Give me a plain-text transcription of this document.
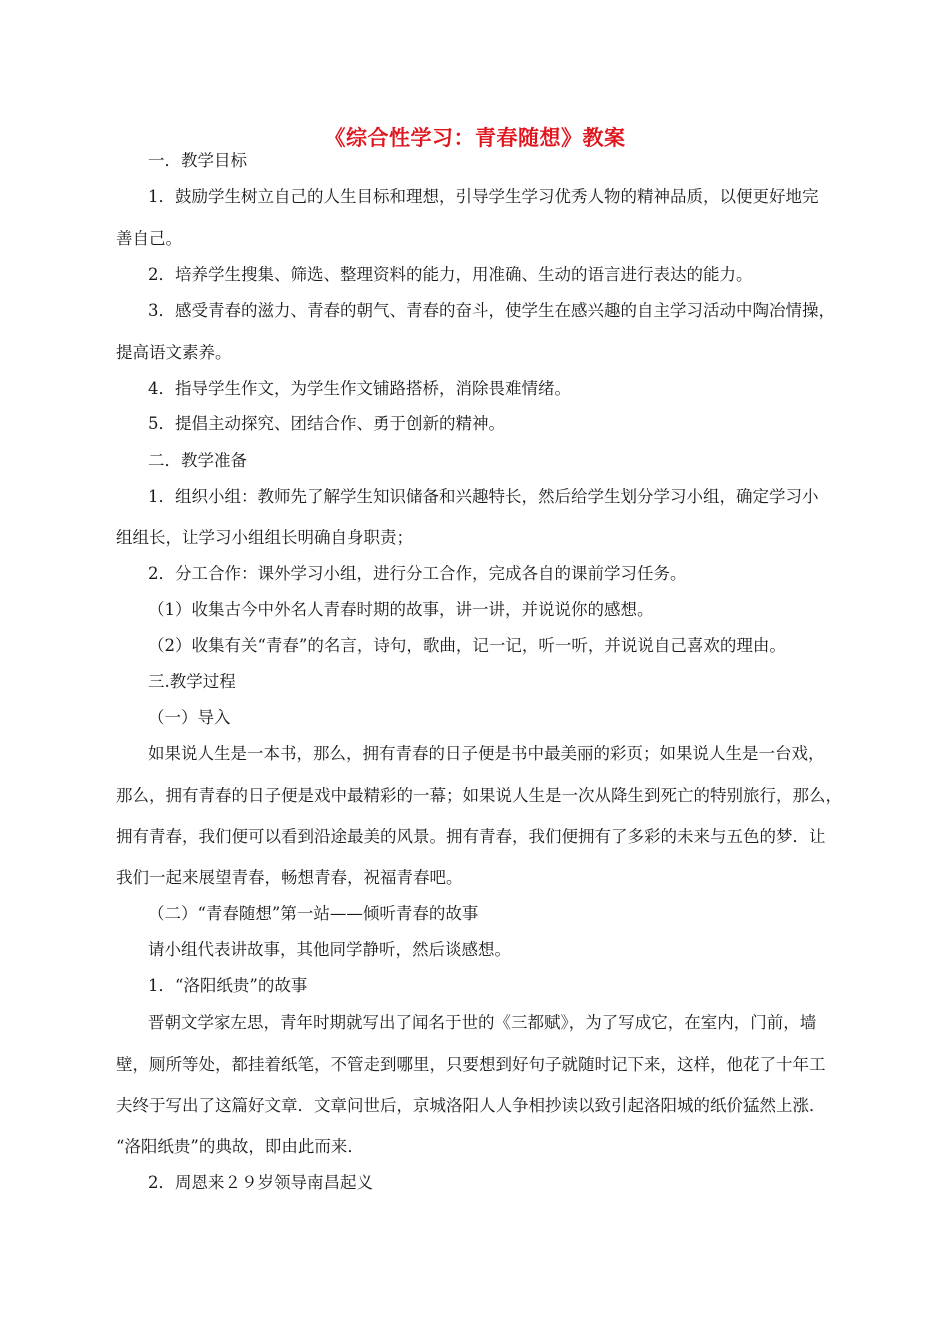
《综合性学习：青春随想》教案
一．教学目标
1．鼓励学生树立自己的人生目标和理想，引导学生学习优秀人物的精神品质，以便更好地完
善自己。
2．培养学生搜集、筛选、整理资料的能力，用准确、生动的语言进行表达的能力。
3．感受青春的滋力、青春的朝气、青春的奋斗，使学生在感兴趣的自主学习活动中陶冶情操，
提高语文素养。
4．指导学生作文，为学生作文铺路搭桥，消除畏难情绪。
5．提倡主动探究、团结合作、勇于创新的精神。
二．教学准备
1．组织小组：教师先了解学生知识储备和兴趣特长，然后给学生划分学习小组，确定学习小
组组长，让学习小组组长明确自身职责；
2．分工合作：课外学习小组，进行分工合作，完成各自的课前学习任务。
（1）收集古今中外名人青春时期的故事，讲一讲，并说说你的感想。
（2）收集有关“青春”的名言，诗句，歌曲，记一记，听一听，并说说自己喜欢的理由。
三.教学过程
（一）导入
如果说人生是一本书，那么，拥有青春的日子便是书中最美丽的彩页；如果说人生是一台戏，
那么，拥有青春的日子便是戏中最精彩的一幕；如果说人生是一次从降生到死亡的特别旅行，那么，
拥有青春，我们便可以看到沿途最美的风景。拥有青春，我们便拥有了多彩的未来与五色的梦．让
我们一起来展望青春，畅想青春，祝福青春吧。
（二）“青春随想”第一站——倾听青春的故事
请小组代表讲故事，其他同学静听，然后谈感想。
1．“洛阳纸贵”的故事
晋朝文学家左思，青年时期就写出了闻名于世的《三都赋》，为了写成它，在室内，门前，墙
壁，厕所等处，都挂着纸笔，不管走到哪里，只要想到好句子就随时记下来，这样，他花了十年工
夫终于写出了这篇好文章．文章问世后，京城洛阳人人争相抄读以致引起洛阳城的纸价猛然上涨．
“洛阳纸贵”的典故，即由此而来．
2．周恩来２９岁领导南昌起义
